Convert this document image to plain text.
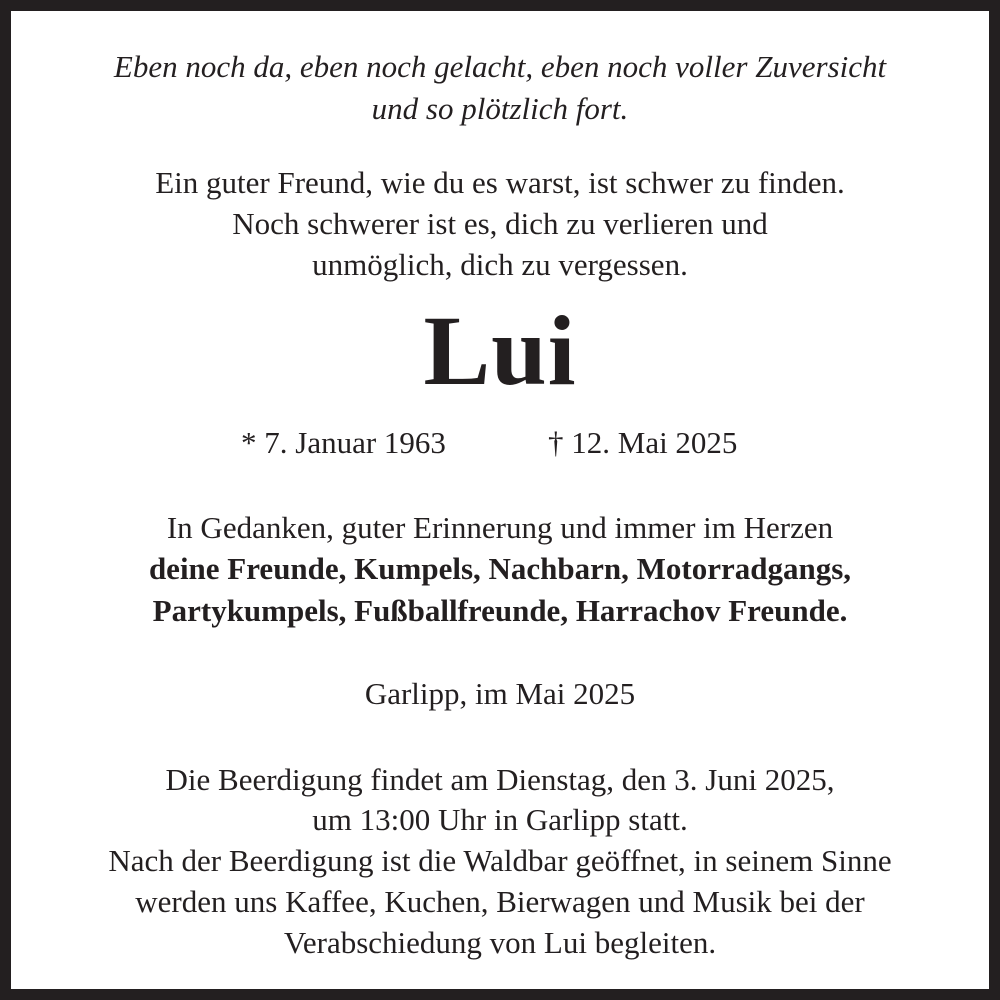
Eben noch da, eben noch gelacht, eben noch voller Zuversicht
und so plötzlich fort.
Ein guter Freund, wie du es warst, ist schwer zu finden.
Noch schwerer ist es, dich zu verlieren und
unmöglich, dich zu vergessen.
Lui
* 7. Januar 1963	† 12. Mai 2025
In Gedanken, guter Erinnerung und immer im Herzen
deine Freunde, Kumpels, Nachbarn, Motorradgangs,
Partykumpels, Fußballfreunde, Harrachov Freunde.
Garlipp, im Mai 2025
Die Beerdigung findet am Dienstag, den 3. Juni 2025,
um 13:00 Uhr in Garlipp statt.
Nach der Beerdigung ist die Waldbar geöffnet, in seinem Sinne
werden uns Kaffee, Kuchen, Bierwagen und Musik bei der
Verabschiedung von Lui begleiten.
